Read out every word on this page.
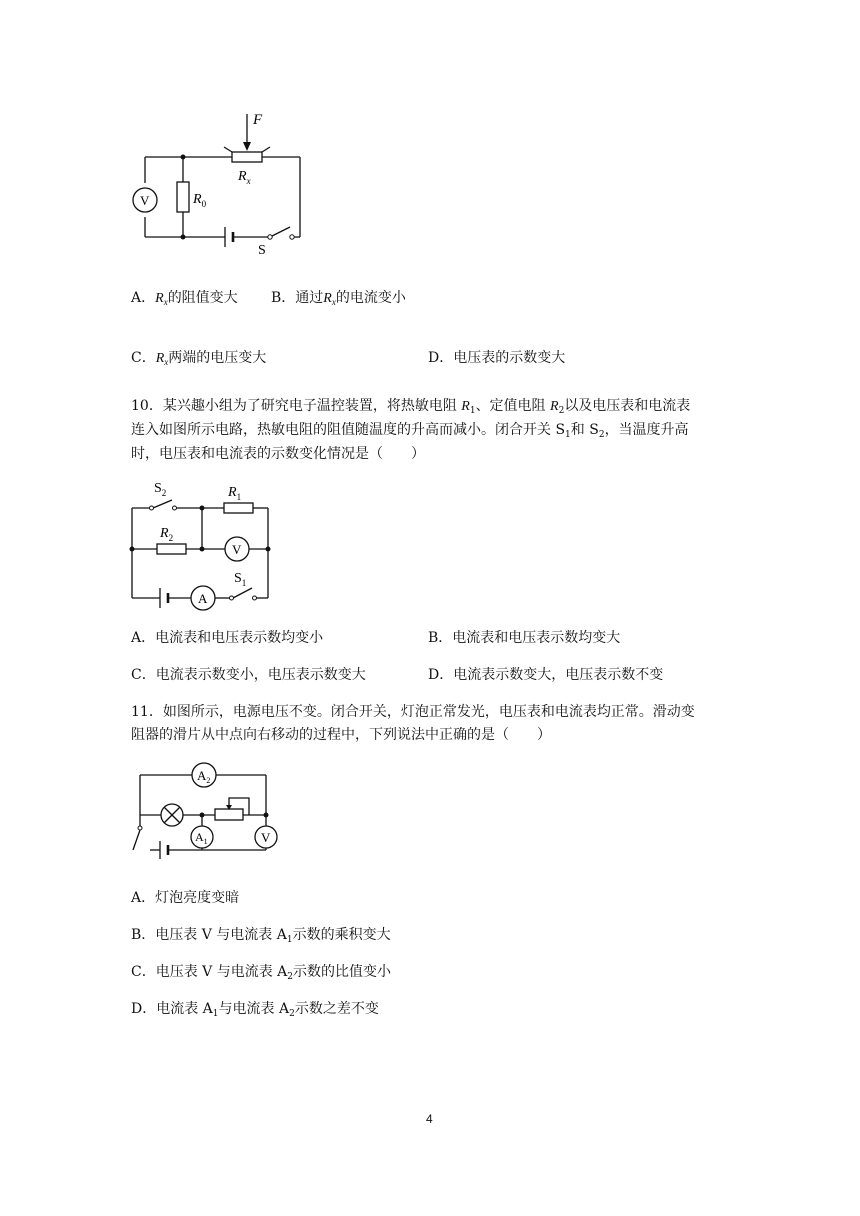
F
$R_x$
$R_0$
V
S
A．$R_x$的阻值变大 B．通过$R_x$的电流变小
C．$R_x$两端的电压变大	D．电压表的示数变大
10．某兴趣小组为了研究电子温控装置，将热敏电阻 $R_1$、定值电阻 $R_2$以及电压表和电流表
连入如图所示电路，热敏电阻的阻值随温度的升高而减小。闭合开关 $S_1$和 $S_2$，当温度升高
时，电压表和电流表的示数变化情况是（　　）
$S_2$	$R_1$
$R_2$
V
A
$S_1$
A．电流表和电压表示数均变小	B．电流表和电压表示数均变大
C．电流表示数变小，电压表示数变大	D．电流表示数变大，电压表示数不变
11．如图所示，电源电压不变。闭合开关，灯泡正常发光，电压表和电流表均正常。滑动变
阻器的滑片从中点向右移动的过程中，下列说法中正确的是（　　）
$A_2$
$A_1$	V
A．灯泡亮度变暗
B．电压表 V 与电流表 $A_1$示数的乘积变大
C．电压表 V 与电流表 $A_2$示数的比值变小
D．电流表 $A_1$与电流表 $A_2$示数之差不变
4
